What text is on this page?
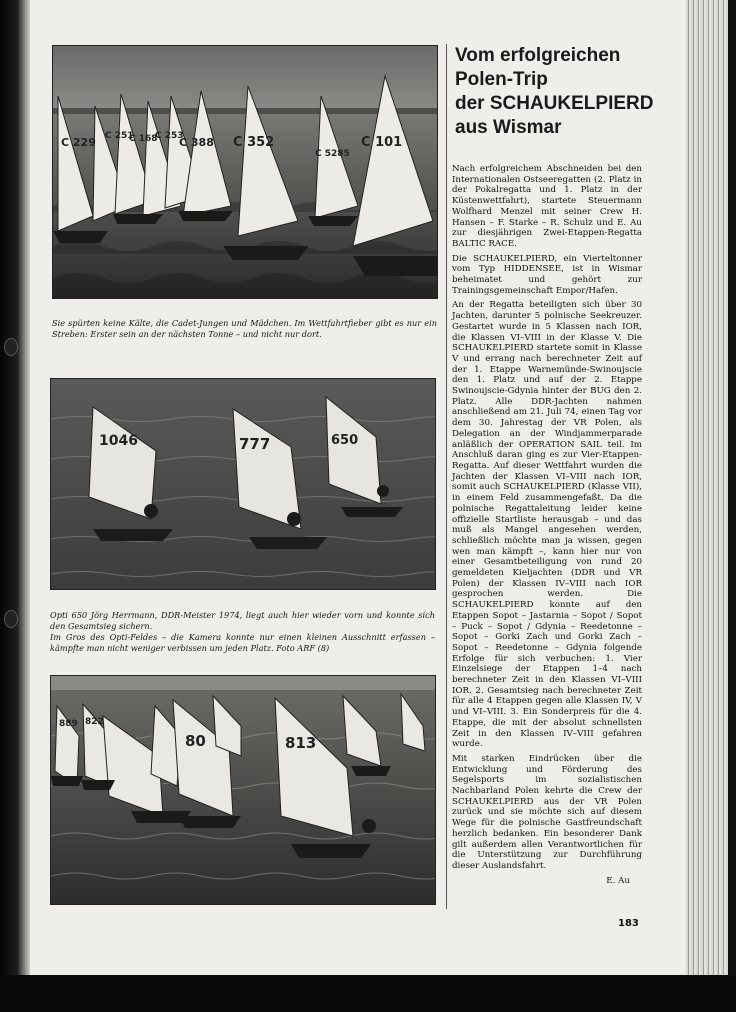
C 229 C 251
C 168
C 253
C 388 C 352
C 5285
C 101
Sie spürten keine Kälte, die Cadet-Jungen und Mädchen. Im Wettfahrtfieber gibt es nur ein Streben: Erster sein an der nächsten Tonne – und nicht nur dort.
1046	777	650
Opti 650 Jörg Herrmann, DDR-Meister 1974, liegt auch hier wieder vorn und konnte sich den Gesamtsieg sichern.
Im Gros des Opti-Feldes – die Kamera konnte nur einen kleinen Ausschnitt erfassen – kämpfte man nicht weniger verbissen um jeden Platz. Foto ARF (8)
889 822
80	813
Vom erfolgreichen
Polen-Trip
der SCHAUKELPIERD
aus Wismar

Nach erfolgreichem Abschneiden bei den Internationalen Ostseeregatten (2. Platz in der Pokalregatta und 1. Platz in der Küstenwettfahrt), startete Steuermann Wolfhard Menzel mit seiner Crew H. Hansen – F. Starke – R. Schulz und E. Au zur diesjährigen Zwei-Etappen-Regatta BALTIC RACE.

Die SCHAUKELPIERD, ein Vierteltonner vom Typ HIDDENSEE, ist in Wismar beheimatet und gehört zur Trainingsgemeinschaft Empor/Hafen.

An der Regatta beteiligten sich über 30 Jachten, darunter 5 polnische Seekreuzer. Gestartet wurde in 5 Klassen nach IOR, die Klassen VI–VIII in der Klasse V. Die SCHAUKELPIERD startete somit in Klasse V und errang nach berechneter Zeit auf der 1. Etappe Warnemünde-Swinoujscie den 1. Platz und auf der 2. Etappe Swinoujscie-Gdynia hinter der BUG den 2. Platz. Alle DDR-Jachten nahmen anschließend am 21. Juli 74, einen Tag vor dem 30. Jahrestag der VR Polen, als Delegation an der Windjammerparade anläßlich der OPERATION SAIL teil. Im Anschluß daran ging es zur Vier-Etappen-Regatta. Auf dieser Wettfahrt wurden die Jachten der Klassen VI–VIII nach IOR, somit auch SCHAUKELPIERD (Klasse VII), in einem Feld zusammengefaßt. Da die polnische Regattaleitung leider keine offizielle Startliste herausgab – und das muß als Mangel angesehen werden, schließlich möchte man ja wissen, gegen wen man kämpft –, kann hier nur von einer Gesamtbeteiligung von rund 20 gemeldeten Kieljachten (DDR und VR Polen) der Klassen IV–VIII nach IOR gesprochen werden. Die SCHAUKELPIERD konnte auf den Etappen Sopot – Jastarnia – Sopot / Sopot – Puck – Sopot / Gdynia – Reedetonne – Sopot – Gorki Zach und Gorki Zach – Sopot – Reedetonne – Gdynia folgende Erfolge für sich verbuchen: 1. Vier Einzelsiege der Etappen 1–4 nach berechneter Zeit in den Klassen VI–VIII IOR. 2. Gesamtsieg nach berechneter Zeit für alle 4 Etappen gegen alle Klassen IV, V und VI–VIII. 3. Ein Sonderpreis für die 4. Etappe, die mit der absolut schnellsten Zeit in den Klassen IV–VIII gefahren wurde.

Mit starken Eindrücken über die Entwicklung und Förderung des Segelsports im sozialistischen Nachbarland Polen kehrte die Crew der SCHAUKELPIERD aus der VR Polen zurück und sie möchte sich auf diesem Wege für die polnische Gastfreundschaft herzlich bedanken. Ein besonderer Dank gilt außerdem allen Verantwortlichen für die Unterstützung zur Durchführung dieser Auslandsfahrt.

E. Au

183
